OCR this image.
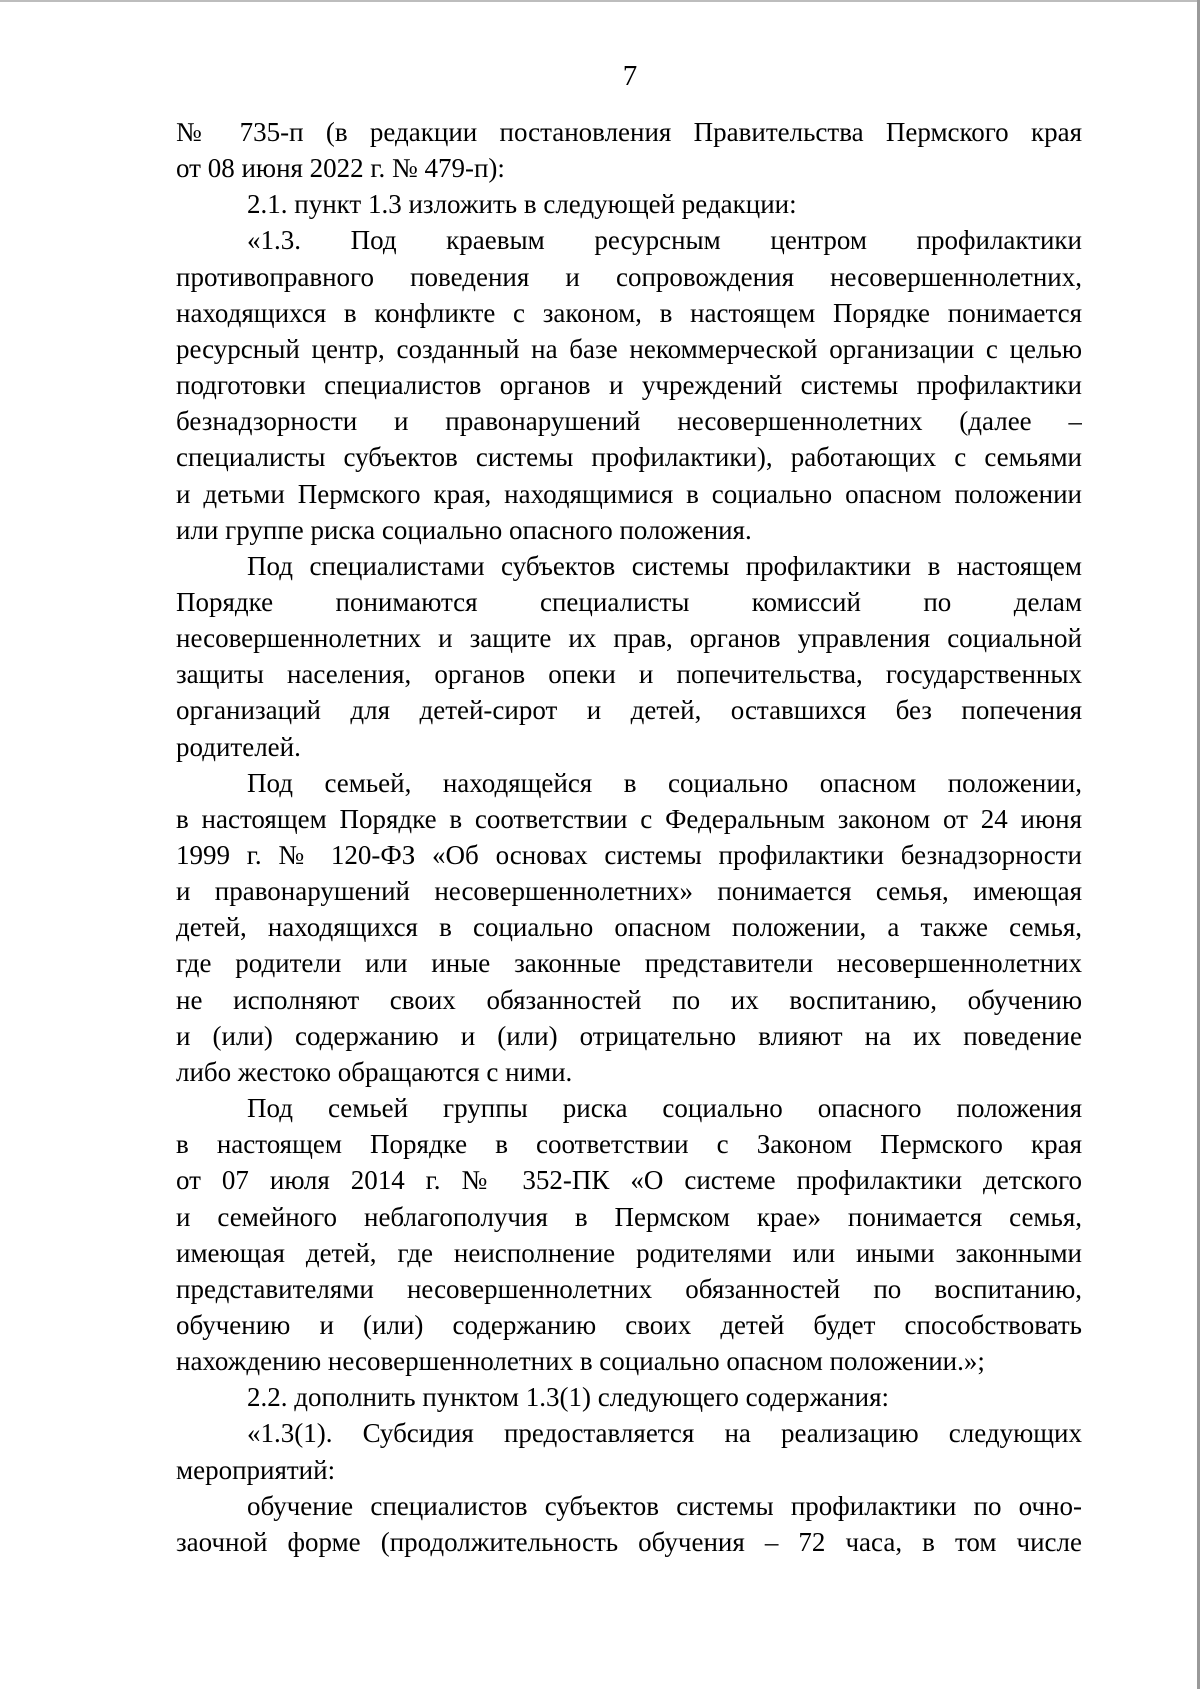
7
№ 735-п (в редакции постановления Правительства Пермского края
от 08 июня 2022 г. № 479-п):
2.1. пункт 1.3 изложить в следующей редакции:
«1.3. Под краевым ресурсным центром профилактики
противоправного поведения и сопровождения несовершеннолетних,
находящихся в конфликте с законом, в настоящем Порядке понимается
ресурсный центр, созданный на базе некоммерческой организации с целью
подготовки специалистов органов и учреждений системы профилактики
безнадзорности и правонарушений несовершеннолетних (далее –
специалисты субъектов системы профилактики), работающих с семьями
и детьми Пермского края, находящимися в социально опасном положении
или группе риска социально опасного положения.
Под специалистами субъектов системы профилактики в настоящем
Порядке понимаются специалисты комиссий по делам
несовершеннолетних и защите их прав, органов управления социальной
защиты населения, органов опеки и попечительства, государственных
организаций для детей-сирот и детей, оставшихся без попечения
родителей.
Под семьей, находящейся в социально опасном положении,
в настоящем Порядке в соответствии с Федеральным законом от 24 июня
1999 г. № 120-ФЗ «Об основах системы профилактики безнадзорности
и правонарушений несовершеннолетних» понимается семья, имеющая
детей, находящихся в социально опасном положении, а также семья,
где родители или иные законные представители несовершеннолетних
не исполняют своих обязанностей по их воспитанию, обучению
и (или) содержанию и (или) отрицательно влияют на их поведение
либо жестоко обращаются с ними.
Под семьей группы риска социально опасного положения
в настоящем Порядке в соответствии с Законом Пермского края
от 07 июля 2014 г. № 352-ПК «О системе профилактики детского
и семейного неблагополучия в Пермском крае» понимается семья,
имеющая детей, где неисполнение родителями или иными законными
представителями несовершеннолетних обязанностей по воспитанию,
обучению и (или) содержанию своих детей будет способствовать
нахождению несовершеннолетних в социально опасном положении.»;
2.2. дополнить пунктом 1.3(1) следующего содержания:
«1.3(1). Субсидия предоставляется на реализацию следующих
мероприятий:
обучение специалистов субъектов системы профилактики по очно-
заочной форме (продолжительность обучения – 72 часа, в том числе
